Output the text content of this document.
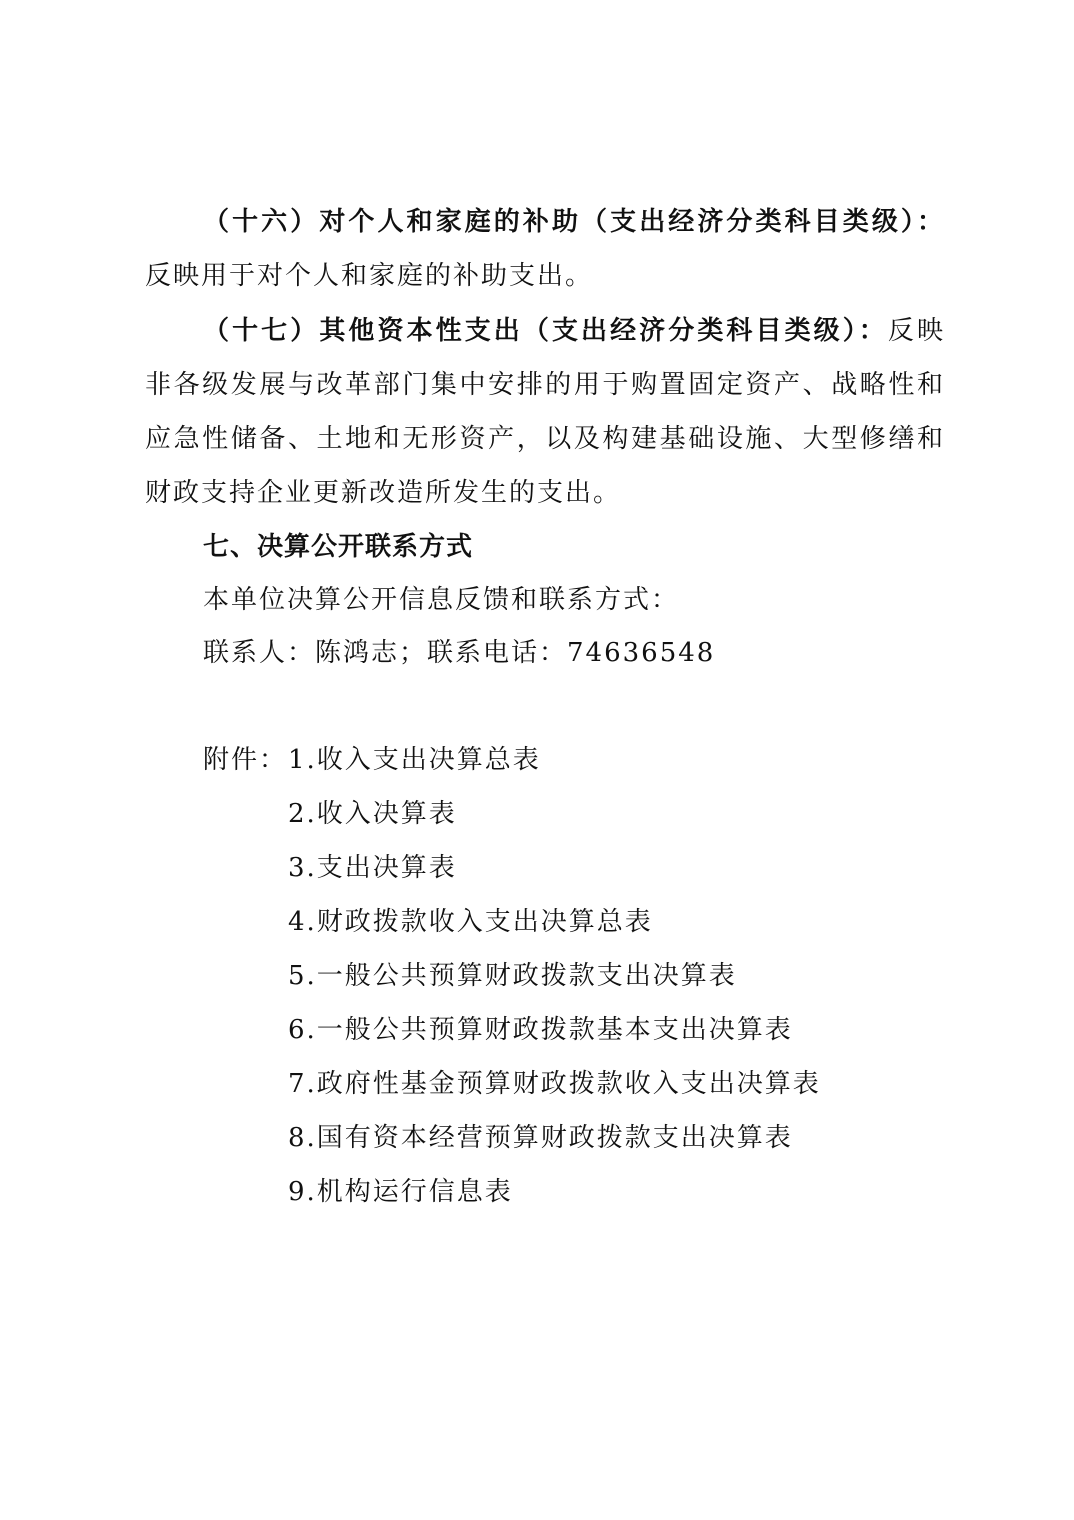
（十六）对个人和家庭的补助（支出经济分类科目类级）：反映用于对个人和家庭的补助支出。

（十七）其他资本性支出（支出经济分类科目类级）：反映非各级发展与改革部门集中安排的用于购置固定资产、战略性和应急性储备、土地和无形资产，以及构建基础设施、大型修缮和财政支持企业更新改造所发生的支出。

七、决算公开联系方式

本单位决算公开信息反馈和联系方式：

联系人：陈鸿志；联系电话：74636548

附件： 1.收入支出决算总表
2.收入决算表
3.支出决算表
4.财政拨款收入支出决算总表
5.一般公共预算财政拨款支出决算表
6.一般公共预算财政拨款基本支出决算表
7.政府性基金预算财政拨款收入支出决算表
8.国有资本经营预算财政拨款支出决算表
9.机构运行信息表
